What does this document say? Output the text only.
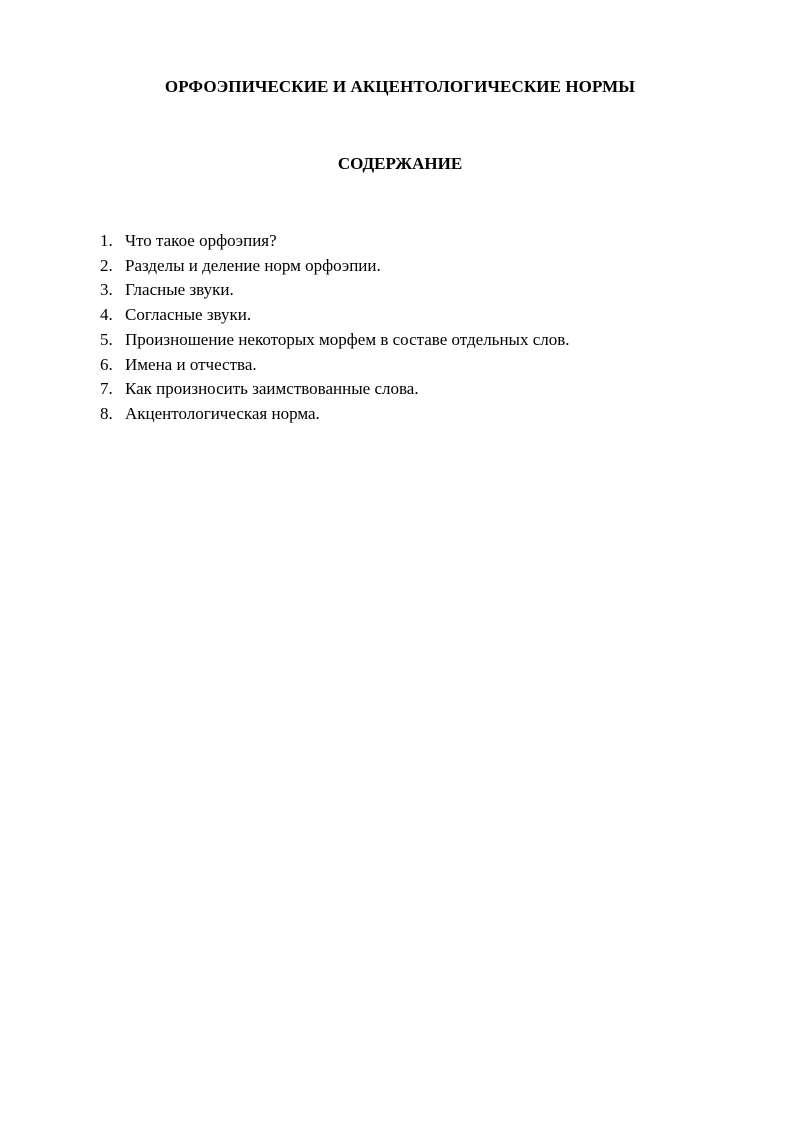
ОРФОЭПИЧЕСКИЕ И АКЦЕНТОЛОГИЧЕСКИЕ НОРМЫ
СОДЕРЖАНИЕ
1. Что такое орфоэпия?
2. Разделы и деление норм орфоэпии.
3. Гласные звуки.
4. Согласные звуки.
5. Произношение некоторых морфем в составе отдельных слов.
6. Имена и отчества.
7. Как произносить заимствованные слова.
8. Акцентологическая норма.
